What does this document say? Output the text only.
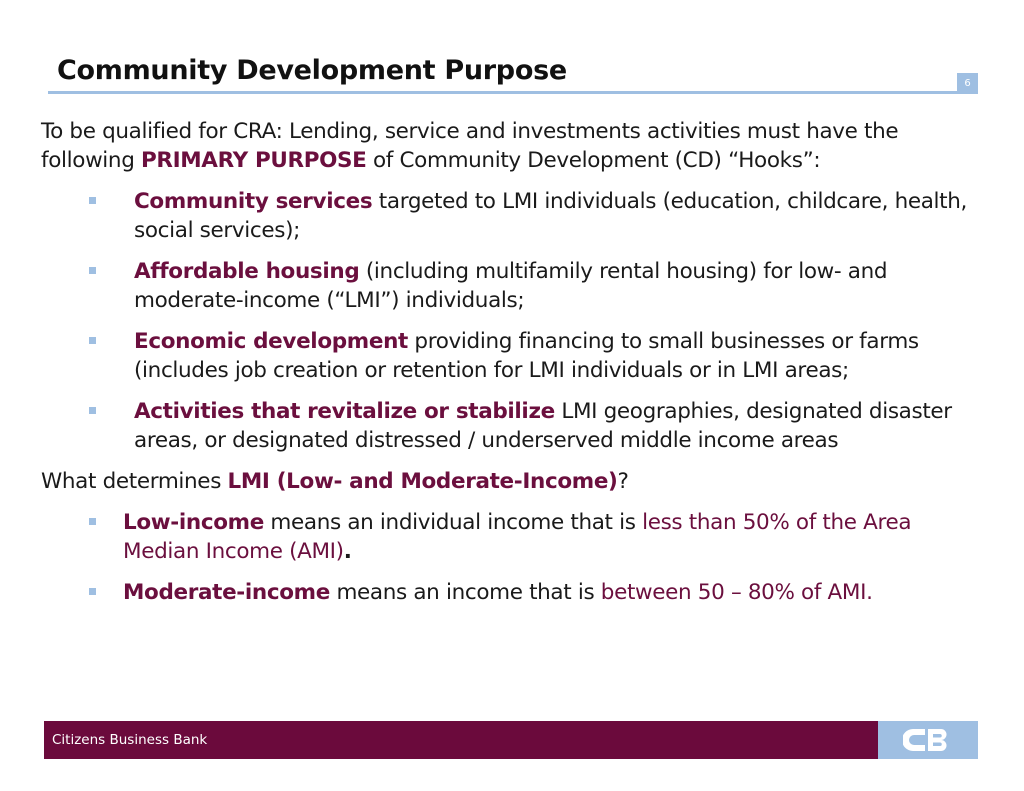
Community Development Purpose	6

To be qualified for CRA: Lending, service and investments activities must have the following PRIMARY PURPOSE of Community Development (CD) “Hooks”:

Community services targeted to LMI individuals (education, childcare, health, social services);
Affordable housing (including multifamily rental housing) for low- and moderate-income (“LMI”) individuals;
Economic development providing financing to small businesses or farms (includes job creation or retention for LMI individuals or in LMI areas;
Activities that revitalize or stabilize LMI geographies, designated disaster areas, or designated distressed / underserved middle income areas

What determines LMI (Low- and Moderate-Income)?

Low-income means an individual income that is less than 50% of the Area Median Income (AMI).
Moderate-income means an income that is between 50 – 80% of AMI.
Citizens Business Bank
